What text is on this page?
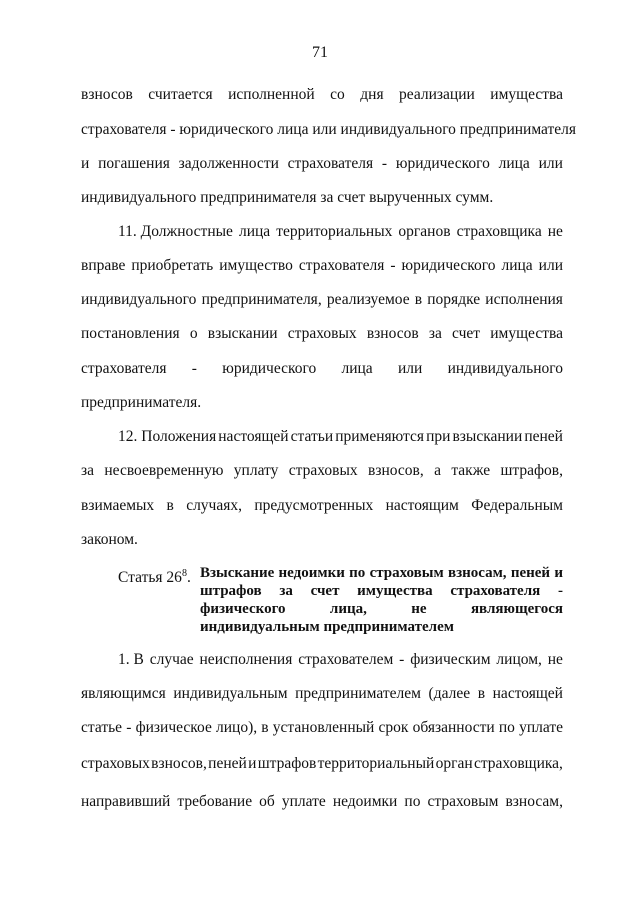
71
взносов считается исполненной со дня реализации имущества
страхователя - юридического лица или индивидуального предпринимателя
и погашения задолженности страхователя - юридического лица или
индивидуального предпринимателя за счет вырученных сумм.
11. Должностные лица территориальных органов страховщика не
вправе приобретать имущество страхователя - юридического лица или
индивидуального предпринимателя, реализуемое в порядке исполнения
постановления о взыскании страховых взносов за счет имущества
страхователя - юридического лица или индивидуального
предпринимателя.
12. Положения настоящей статьи применяются при взыскании пеней
за несвоевременную уплату страховых взносов, а также штрафов,
взимаемых в случаях, предусмотренных настоящим Федеральным
законом.
Статья $26^8$. Взыскание недоимки по страховым взносам, пеней и
штрафов за счет имущества страхователя -
физического	лица,	не	являющегося
индивидуальным предпринимателем
1. В случае неисполнения страхователем - физическим лицом, не
являющимся индивидуальным предпринимателем (далее в настоящей
статье - физическое лицо), в установленный срок обязанности по уплате
страховых взносов, пеней и штрафов территориальный орган страховщика,
направивший требование об уплате недоимки по страховым взносам,
